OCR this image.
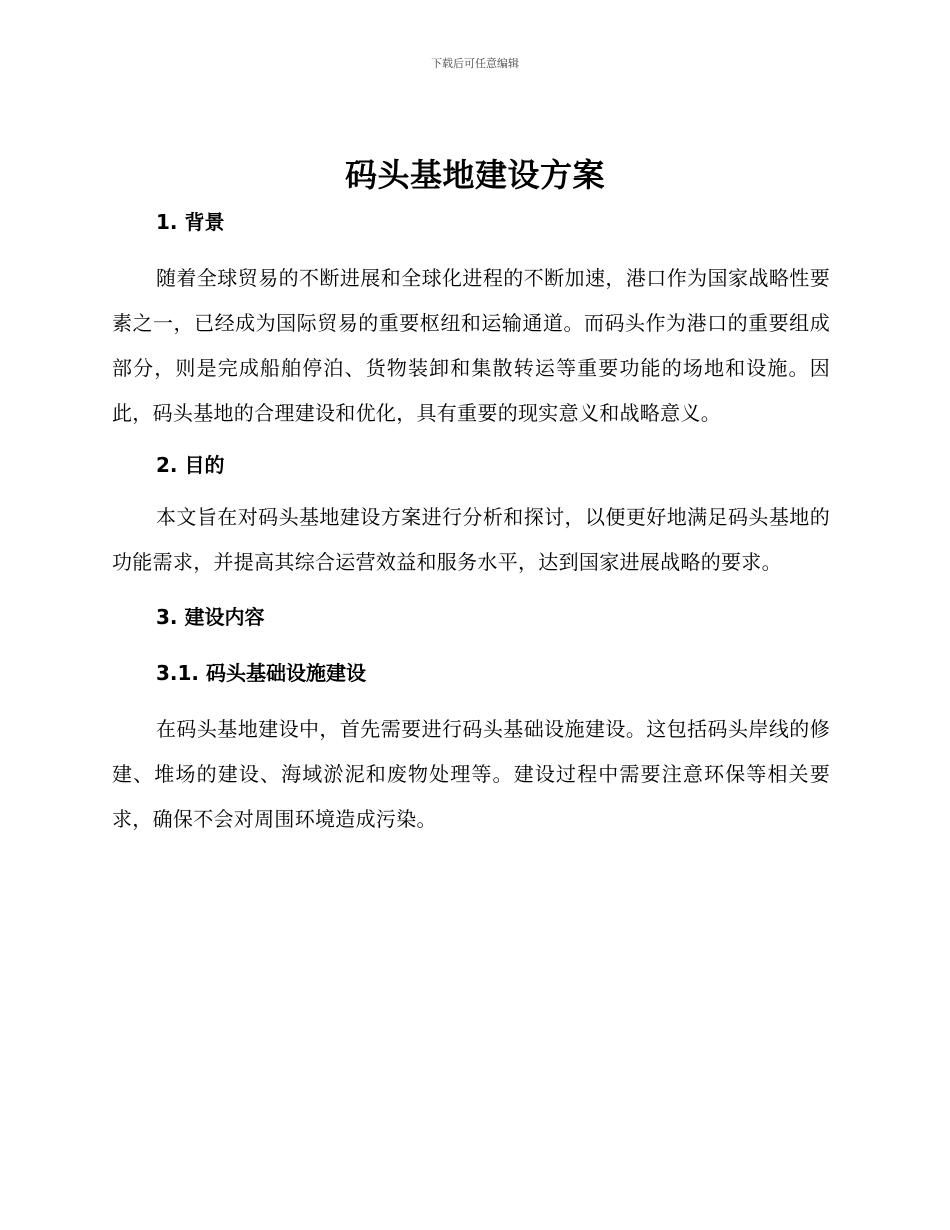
下载后可任意编辑
码头基地建设方案
1. 背景

随着全球贸易的不断进展和全球化进程的不断加速，港口作为国家战略性要素之一，已经成为国际贸易的重要枢纽和运输通道。而码头作为港口的重要组成部分，则是完成船舶停泊、货物装卸和集散转运等重要功能的场地和设施。因此，码头基地的合理建设和优化，具有重要的现实意义和战略意义。

2. 目的

本文旨在对码头基地建设方案进行分析和探讨，以便更好地满足码头基地的功能需求，并提高其综合运营效益和服务水平，达到国家进展战略的要求。

3. 建设内容
3.1. 码头基础设施建设

在码头基地建设中，首先需要进行码头基础设施建设。这包括码头岸线的修建、堆场的建设、海域淤泥和废物处理等。建设过程中需要注意环保等相关要求，确保不会对周围环境造成污染。
